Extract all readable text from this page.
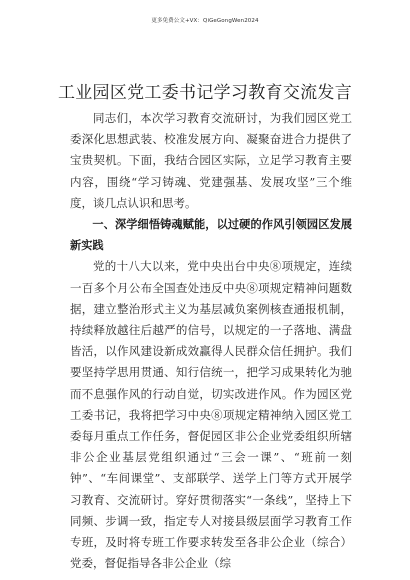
更多免费公文+VX：QiGeGongWen2024
工业园区党工委书记学习教育交流发言

同志们，本次学习教育交流研讨，为我们园区党工委深化思想武装、校准发展方向、凝聚奋进合力提供了宝贵契机。下面，我结合园区实际，立足学习教育主要内容，围绕“学习铸魂、党建强基、发展攻坚”三个维度，谈几点认识和思考。

一、深学细悟铸魂赋能，以过硬的作风引领园区发展新实践

党的十八大以来，党中央出台中央⑧项规定，连续一百多个月公布全国查处违反中央⑧项规定精神问题数据，建立整治形式主义为基层减负案例核查通报机制，持续释放越往后越严的信号，以规定的一子落地、满盘皆活，以作风建设新成效赢得人民群众信任拥护。我们要坚持学思用贯通、知行信统一，把学习成果转化为驰而不息强作风的行动自觉，切实改进作风。作为园区党工委书记，我将把学习中央⑧项规定精神纳入园区党工委每月重点工作任务，督促园区非公企业党委组织所辖非公企业基层党组织通过“三会一课”、“班前一刻钟”、“车间课堂”、支部联学、送学上门等方式开展学习教育、交流研讨。穿好贯彻落实“一条线”，坚持上下同频、步调一致，指定专人对接县级层面学习教育工作专班，及时将专班工作要求转发至各非公企业（综合）党委，督促指导各非公企业（综
